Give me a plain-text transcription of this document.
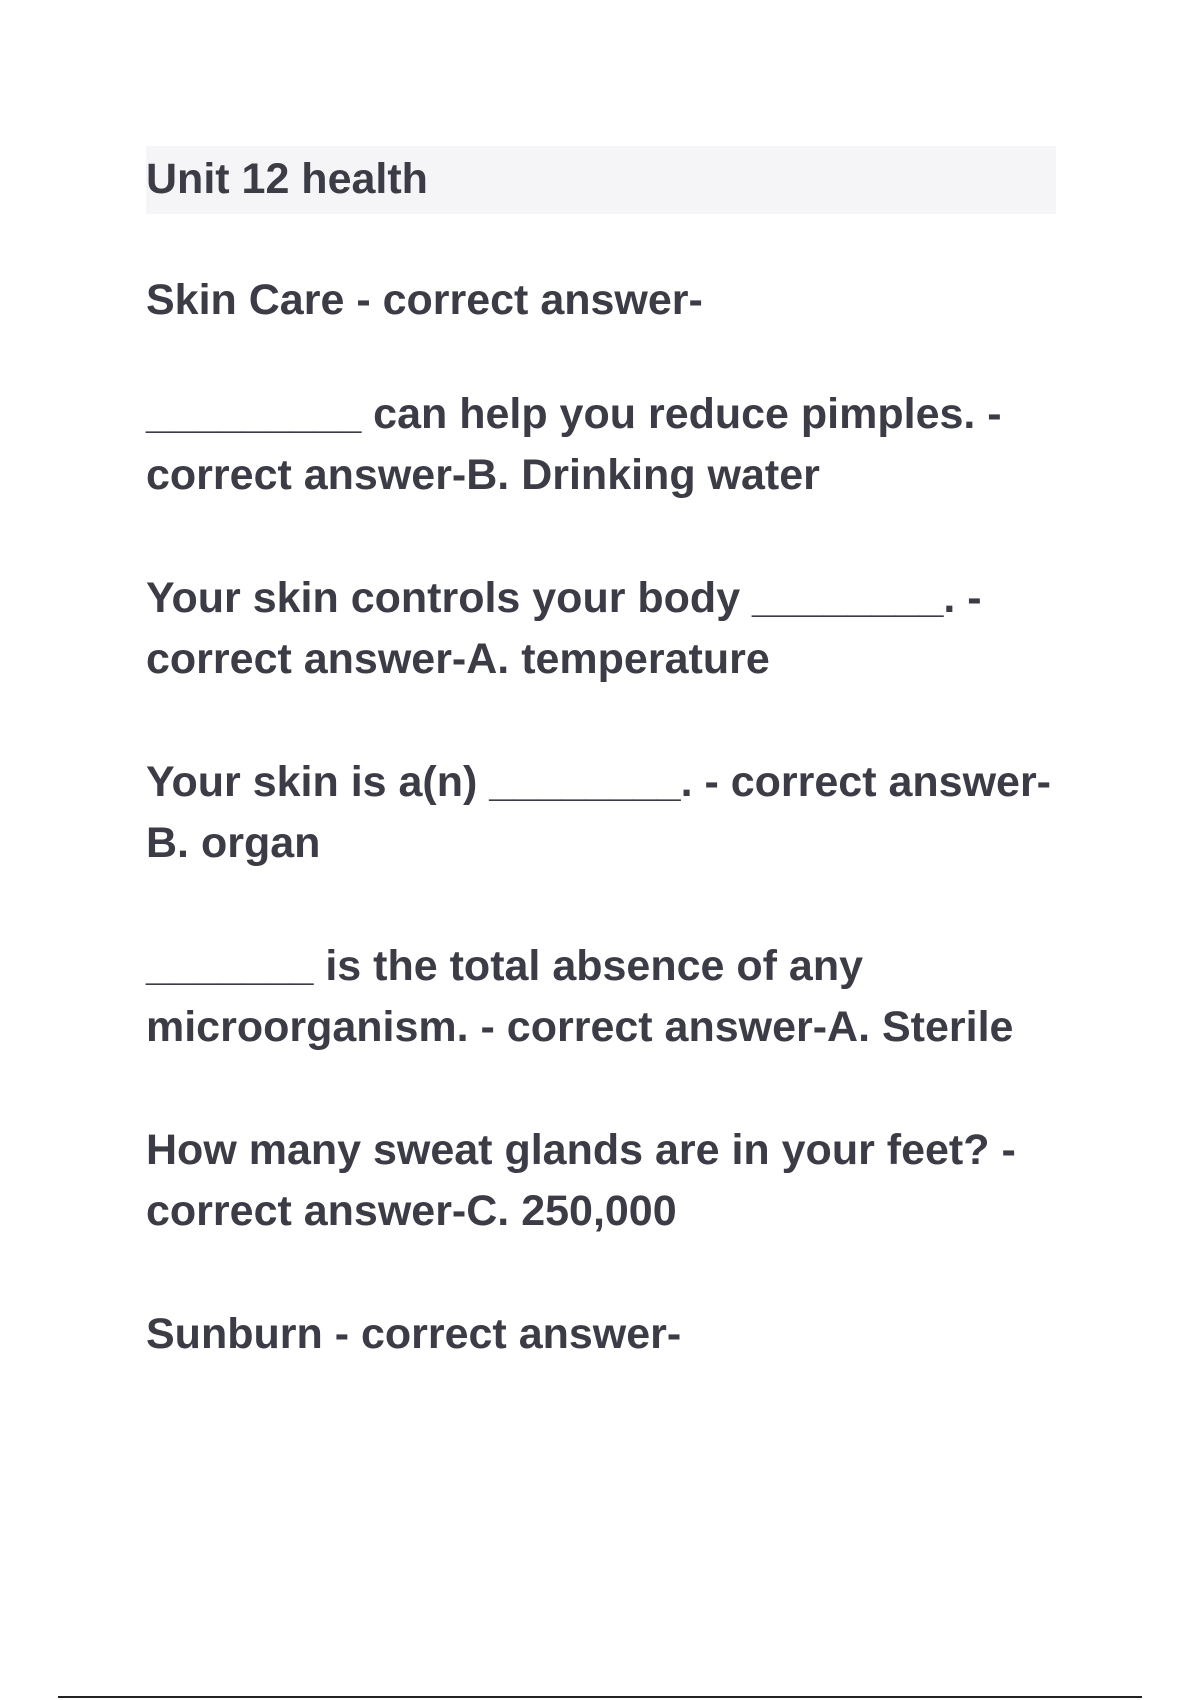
Unit 12 health

Skin Care - correct answer-

_________ can help you reduce pimples. - correct answer-B. Drinking water

Your skin controls your body ________. - correct answer-A. temperature

Your skin is a(n) ________. - correct answer-B. organ

_______ is the total absence of any microorganism. - correct answer-A. Sterile

How many sweat glands are in your feet? - correct answer-C. 250,000

Sunburn - correct answer-
